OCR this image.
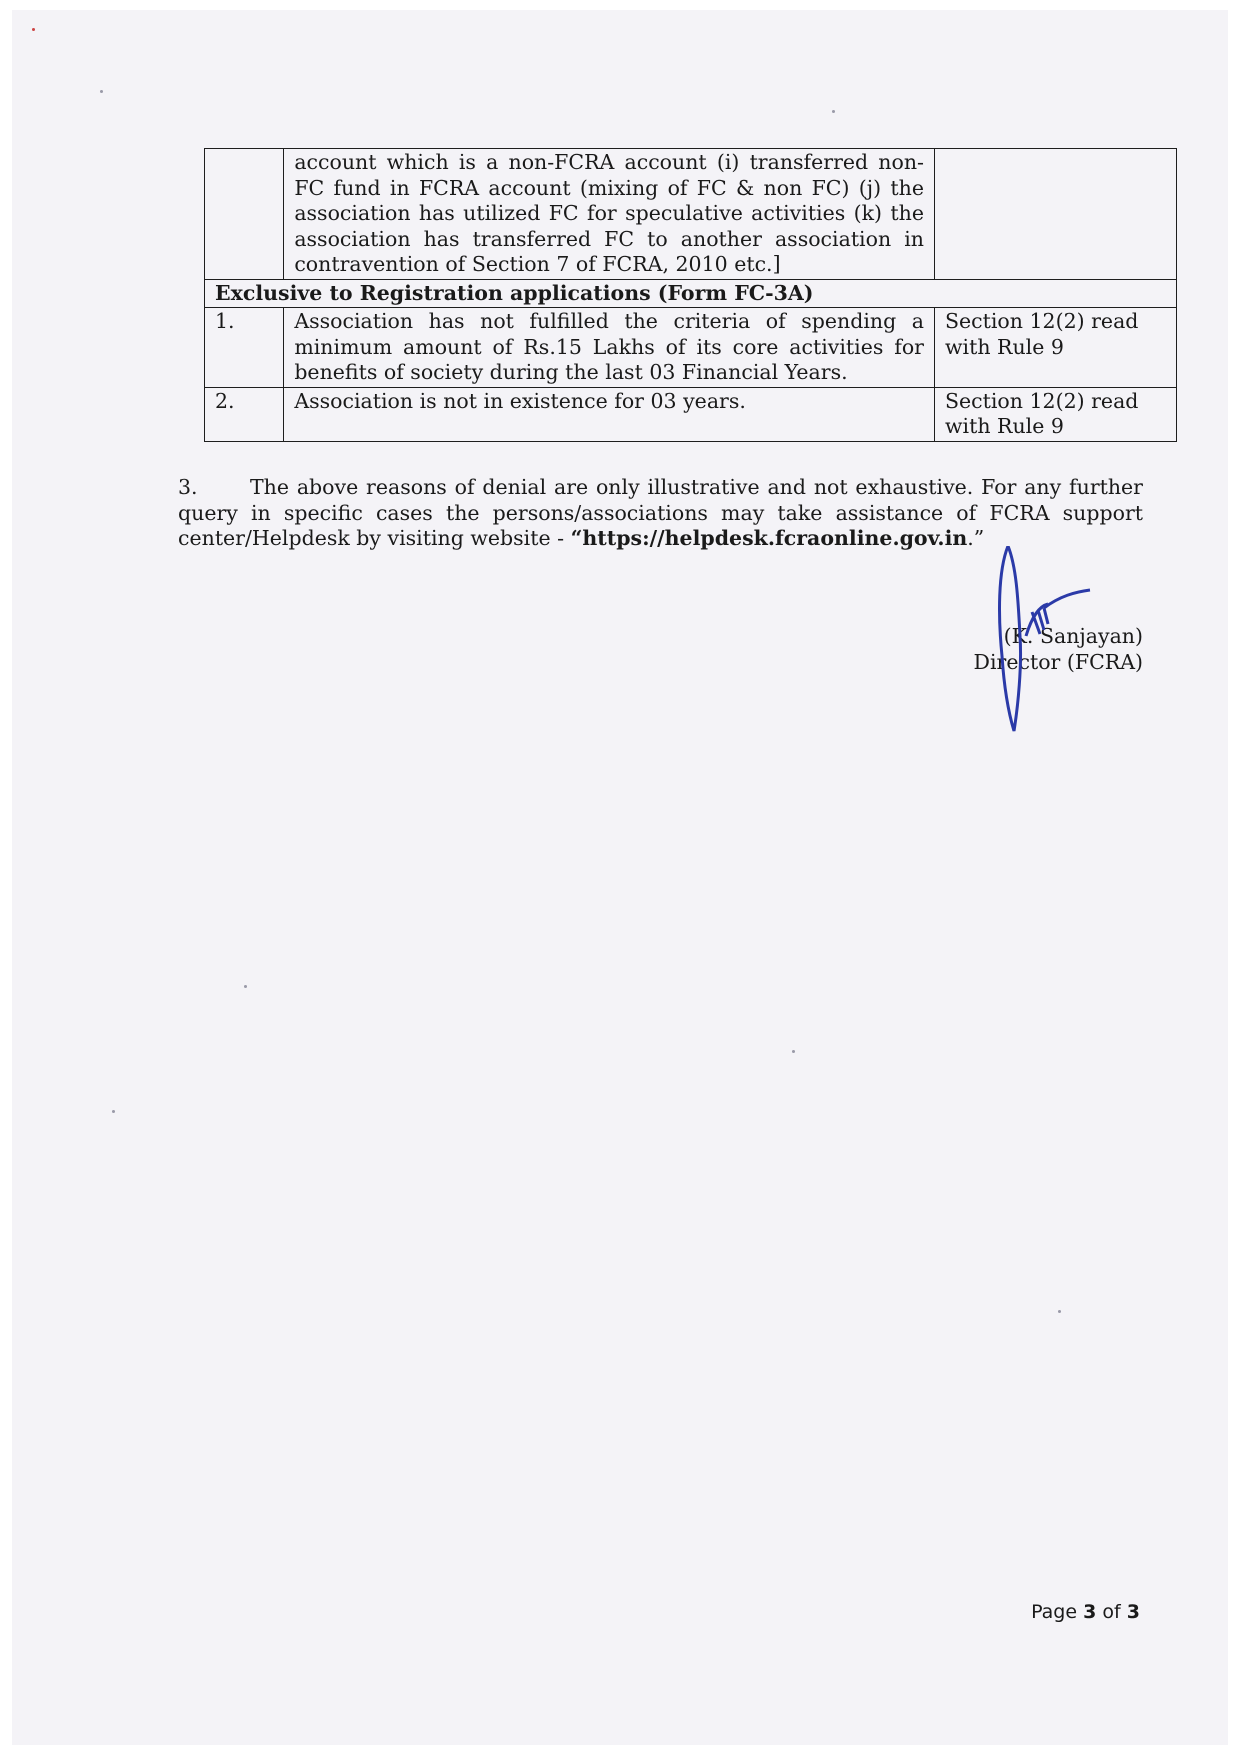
	account which is a non-FCRA account (i) transferred non-FC fund in FCRA account (mixing of FC & non FC) (j) the association has utilized FC for speculative activities (k) the association has transferred FC to another association in contravention of Section 7 of FCRA, 2010 etc.]	
Exclusive to Registration applications (Form FC-3A)		
1.	Association has not fulfilled the criteria of spending a minimum amount of Rs.15 Lakhs of its core activities for benefits of society during the last 03 Financial Years.	Section 12(2) read with Rule 9
2.	Association is not in existence for 03 years.	Section 12(2) read with Rule 9
3.	The above reasons of denial are only illustrative and not exhaustive. For any further query in specific cases the persons/associations may take assistance of FCRA support center/Helpdesk by visiting website - “https://helpdesk.fcraonline.gov.in.”
(K. Sanjayan)
Director (FCRA)
Page 3 of 3
